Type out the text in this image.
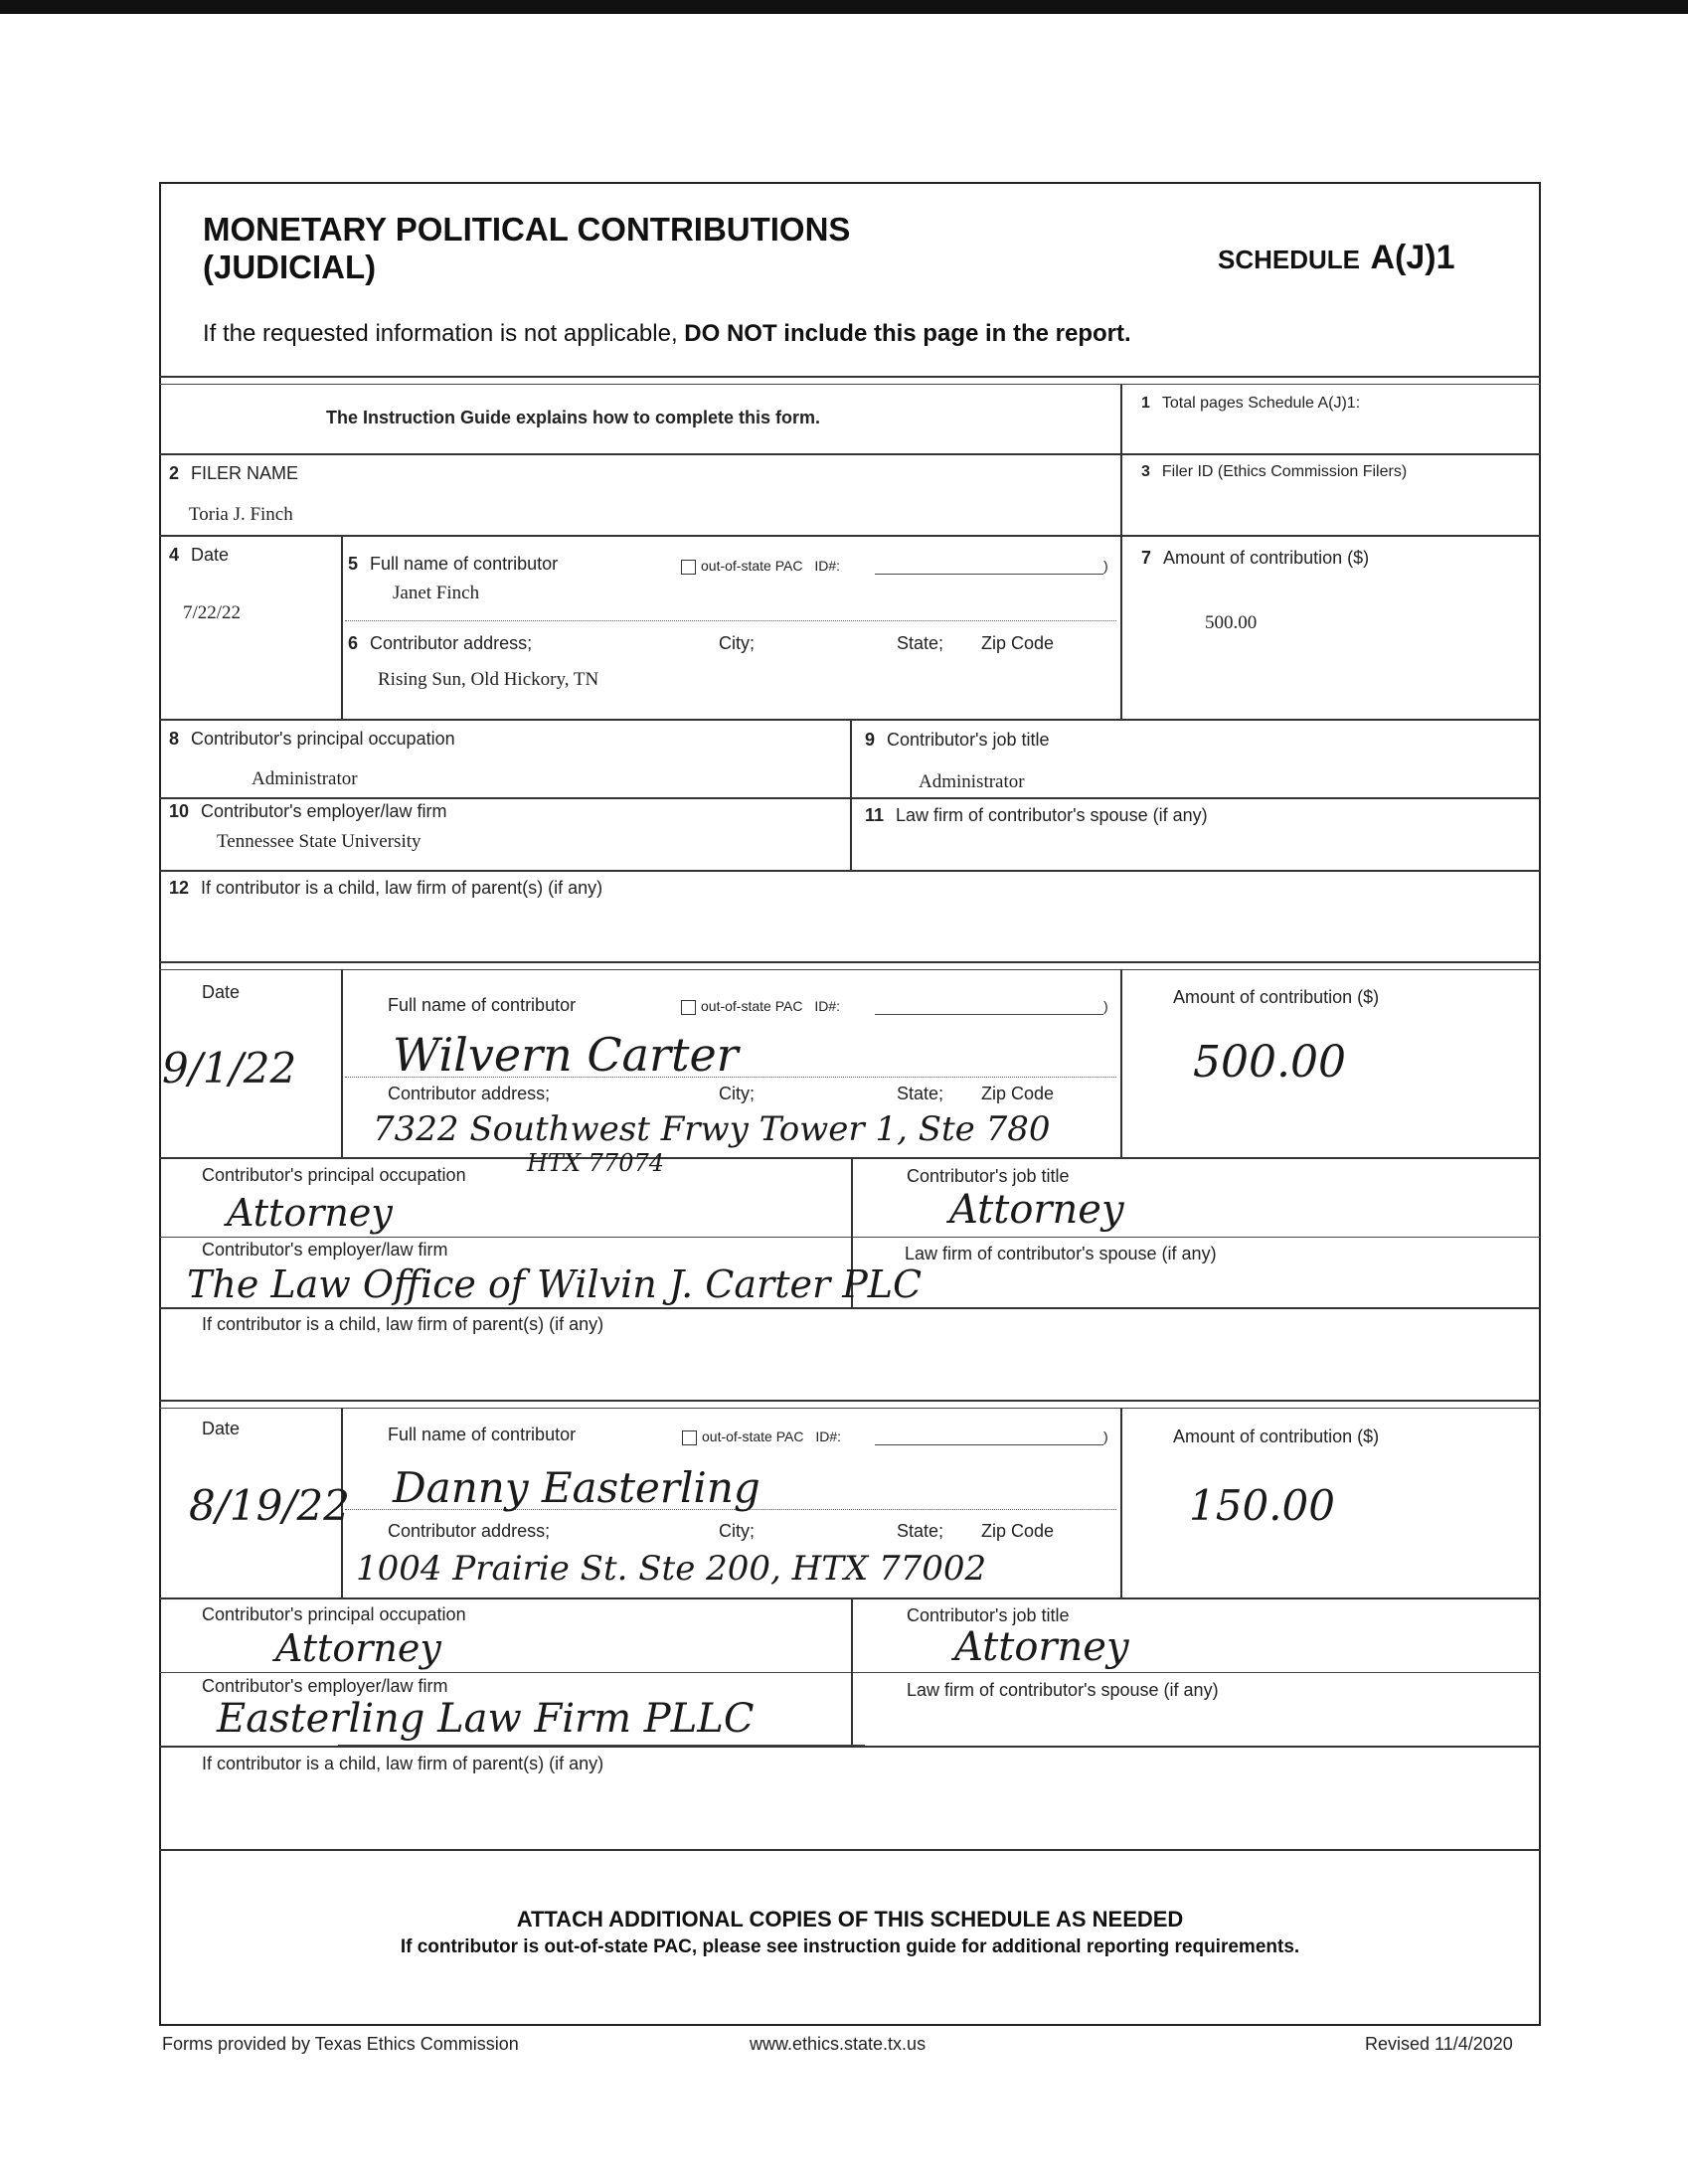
MONETARY POLITICAL CONTRIBUTIONS
(JUDICIAL)	SCHEDULE A(J)1
If the requested information is not applicable, DO NOT include this page in the report.
The Instruction Guide explains how to complete this form.
1 Total pages Schedule A(J)1:
2 FILER NAME
Toria J. Finch
3 Filer ID (Ethics Commission Filers)
4 Date
7/22/22
5 Full name of contributor	out-of-state PAC ID#:	)
Janet Finch
6 Contributor address;	City;	State; Zip Code
Rising Sun, Old Hickory, TN
7 Amount of contribution ($)
500.00
8 Contributor's principal occupation
Administrator
9 Contributor's job title
Administrator
10 Contributor's employer/law firm
Tennessee State University
11 Law firm of contributor's spouse (if any)
12 If contributor is a child, law firm of parent(s) (if any)
Date
9/1/22
Full name of contributor	out-of-state PAC ID#:	)
Wilvern Carter
Contributor address;	City;	State; Zip Code
7322 Southwest Frwy Tower 1, Ste 780
HTX 77074
Amount of contribution ($)
500.00
Contributor's principal occupation
Attorney
Contributor's job title
Attorney
Contributor's employer/law firm
The Law Office of Wilvin J. Carter PLC
Law firm of contributor's spouse (if any)
If contributor is a child, law firm of parent(s) (if any)
Date
8/19/22
Full name of contributor	out-of-state PAC ID#:	)
Danny Easterling
Contributor address;	City;	State; Zip Code
1004 Prairie St. Ste 200, HTX 77002
Amount of contribution ($)
150.00
Contributor's principal occupation
Attorney
Contributor's job title
Attorney
Contributor's employer/law firm
Easterling Law Firm PLLC
Law firm of contributor's spouse (if any)
If contributor is a child, law firm of parent(s) (if any)
ATTACH ADDITIONAL COPIES OF THIS SCHEDULE AS NEEDED
If contributor is out-of-state PAC, please see instruction guide for additional reporting requirements.
Forms provided by Texas Ethics Commission	www.ethics.state.tx.us	Revised 11/4/2020
